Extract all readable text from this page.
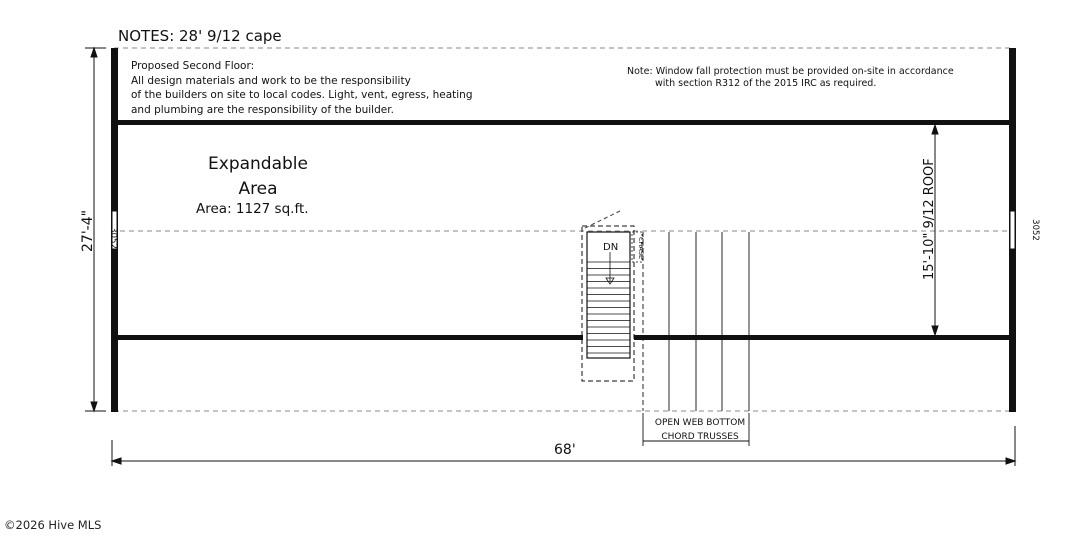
NOTES: 28' 9/12 cape
Proposed Second Floor:
All design materials and work to be the responsibility
of the builders on site to local codes. Light, vent, egress, heating
and plumbing are the responsibility of the builder.
Note: Window fall protection must be provided on-site in accordance
with section R312 of the 2015 IRC as required.
Expandable
Area
Area: 1127 sq.ft.
DN
OPEN WEB BOTTOM
CHORD TRUSSES
68'
©2026 Hive MLS
27'-4"	15'-10" 9/12 ROOF
3052	3052
CHASE
